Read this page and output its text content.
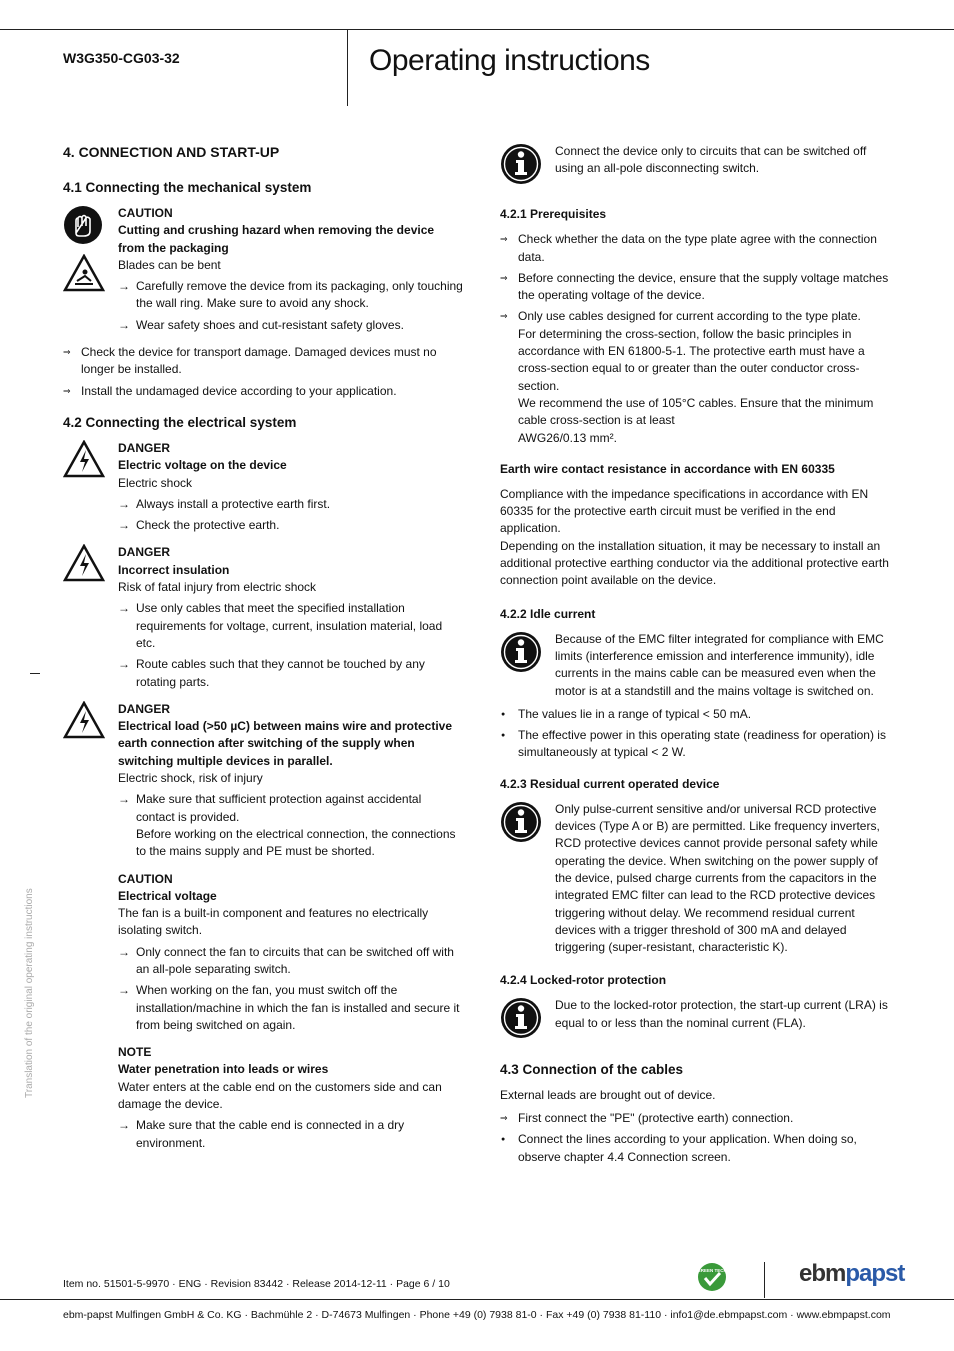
W3G350-CG03-32	Operating instructions
Translation of the original operating instructions
4. CONNECTION AND START-UP
4.1 Connecting the mechanical system

CAUTION
Cutting and crushing hazard when removing the device from the packaging
Blades can be bent
→ Carefully remove the device from its packaging, only touching the wall ring. Make sure to avoid any shock.
→ Wear safety shoes and cut-resistant safety gloves.
⇒ Check the device for transport damage. Damaged devices must no longer be installed.
⇒ Install the undamaged device according to your application.
4.2 Connecting the electrical system
DANGER
Electric voltage on the device
Electric shock
→ Always install a protective earth first.
→ Check the protective earth.
DANGER
Incorrect insulation
Risk of fatal injury from electric shock
→ Use only cables that meet the specified installation requirements for voltage, current, insulation material, load etc.
→ Route cables such that they cannot be touched by any rotating parts.
DANGER
Electrical load (>50 µC) between mains wire and protective earth connection after switching of the supply when switching multiple devices in parallel.
Electric shock, risk of injury
→ Make sure that sufficient protection against accidental contact is provided.
Before working on the electrical connection, the connections to the mains supply and PE must be shorted.
CAUTION
Electrical voltage
The fan is a built-in component and features no electrically isolating switch.
→ Only connect the fan to circuits that can be switched off with an all-pole separating switch.
→ When working on the fan, you must switch off the installation/machine in which the fan is installed and secure it from being switched on again.
NOTE
Water penetration into leads or wires
Water enters at the cable end on the customers side and can damage the device.
→ Make sure that the cable end is connected in a dry environment.
Connect the device only to circuits that can be switched off using an all-pole disconnecting switch.
4.2.1 Prerequisites
⇒ Check whether the data on the type plate agree with the connection data.
⇒ Before connecting the device, ensure that the supply voltage matches the operating voltage of the device.
⇒ Only use cables designed for current according to the type plate.
For determining the cross-section, follow the basic principles in accordance with EN 61800-5-1. The protective earth must have a cross-section equal to or greater than the outer conductor cross-section.
We recommend the use of 105°C cables. Ensure that the minimum cable cross-section is at least
AWG26/0.13 mm².
Earth wire contact resistance in accordance with EN 60335
Compliance with the impedance specifications in accordance with EN 60335 for the protective earth circuit must be verified in the end application.

Depending on the installation situation, it may be necessary to install an additional protective earthing conductor via the additional protective earth connection point available on the device.

4.2.2 Idle current
Because of the EMC filter integrated for compliance with EMC limits (interference emission and interference immunity), idle currents in the mains cable can be measured even when the motor is at a standstill and the mains voltage is switched on.
● The values lie in a range of typical < 50 mA.
● The effective power in this operating state (readiness for operation) is simultaneously at typical < 2 W.
4.2.3 Residual current operated device
Only pulse-current sensitive and/or universal RCD protective devices (Type A or B) are permitted. Like frequency inverters, RCD protective devices cannot provide personal safety while operating the device. When switching on the power supply of the device, pulsed charge currents from the capacitors in the integrated EMC filter can lead to the RCD protective devices triggering without delay. We recommend residual current devices with a trigger threshold of 300 mA and delayed triggering (super-resistant, characteristic K).
4.2.4 Locked-rotor protection
Due to the locked-rotor protection, the start-up current (LRA) is equal to or less than the nominal current (FLA).
4.3 Connection of the cables

External leads are brought out of device.

⇒ First connect the "PE" (protective earth) connection.
● Connect the lines according to your application. When doing so, observe chapter 4.4 Connection screen.
Item no. 51501-5-9970 · ENG · Revision 83442 · Release 2014-12-11 · Page 6 / 10
GREEN TECH	ebmpapst
ebm-papst Mulfingen GmbH & Co. KG · Bachmühle 2 · D-74673 Mulfingen · Phone +49 (0) 7938 81-0 · Fax +49 (0) 7938 81-110 · info1@de.ebmpapst.com · www.ebmpapst.com
